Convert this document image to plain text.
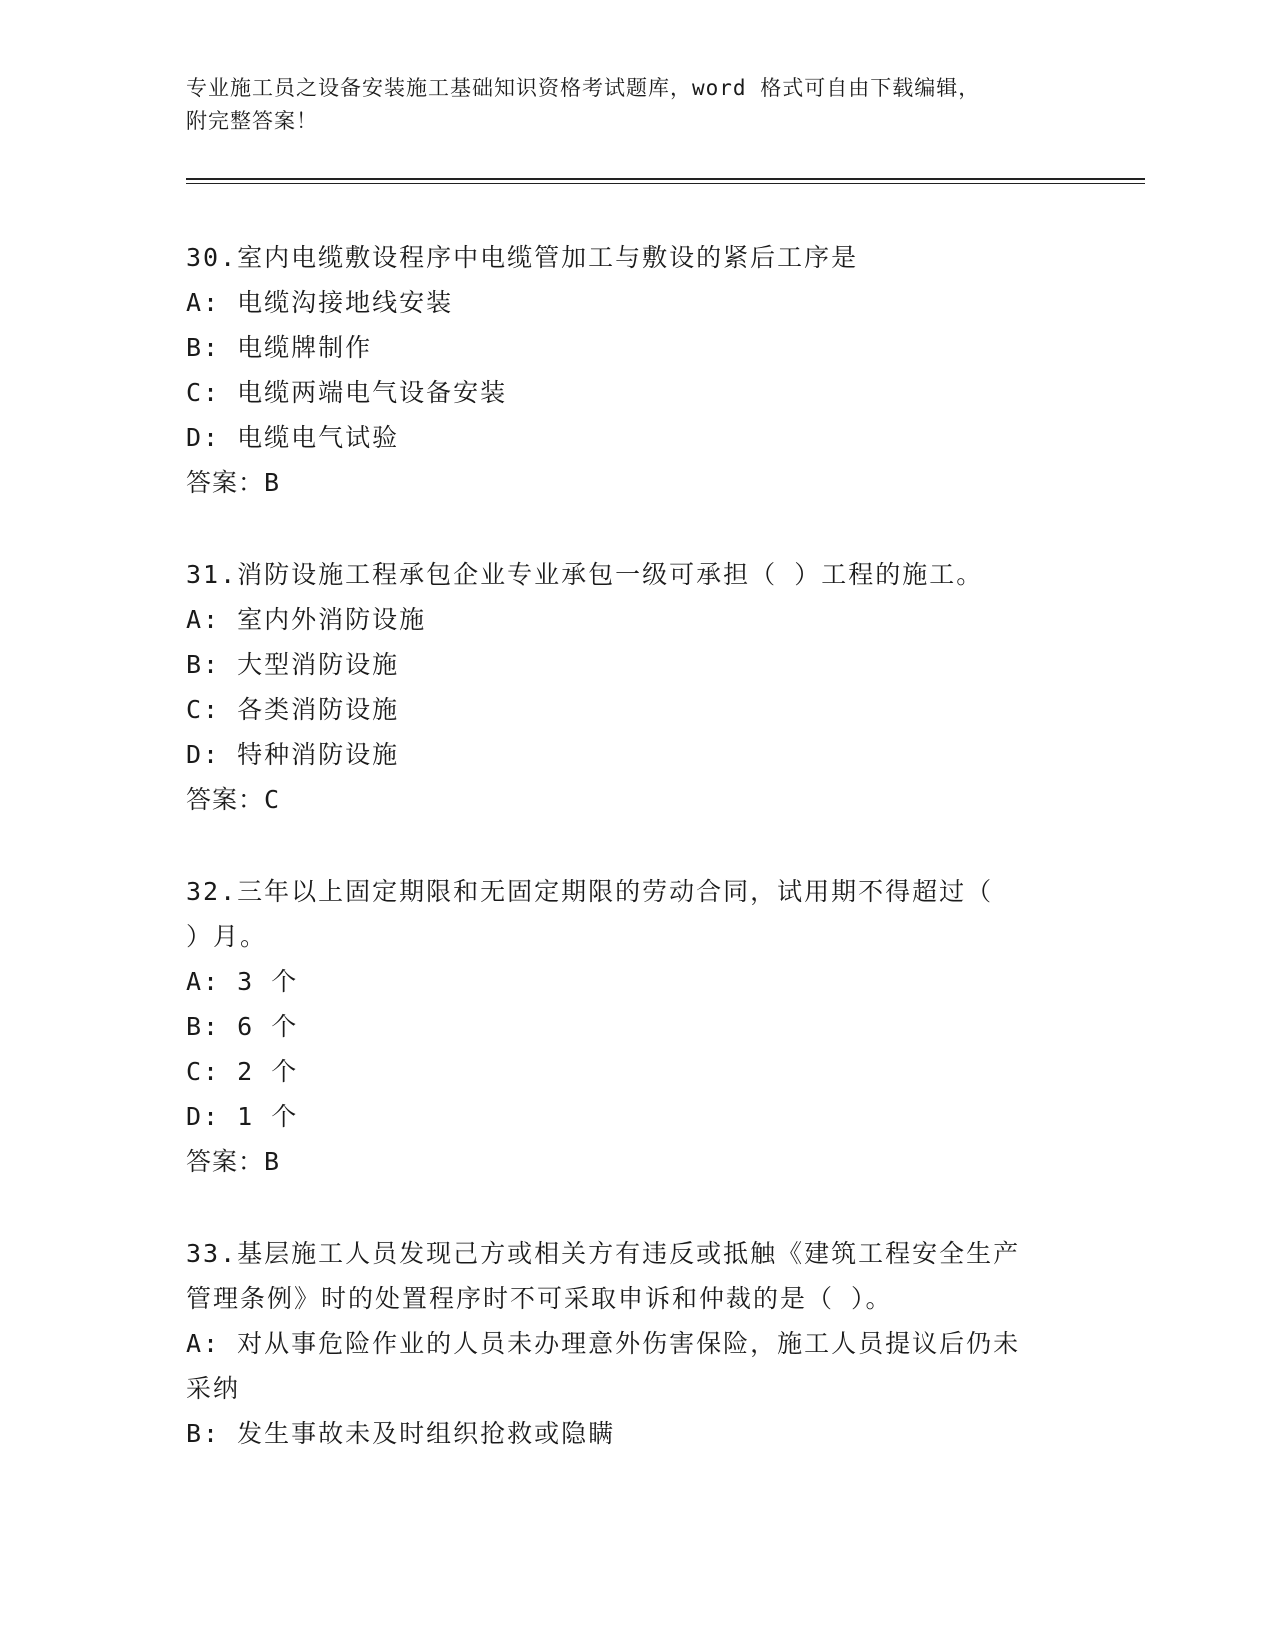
专业施工员之设备安装施工基础知识资格考试题库，word 格式可自由下载编辑，
附完整答案！
30.室内电缆敷设程序中电缆管加工与敷设的紧后工序是
A: 电缆沟接地线安装
B: 电缆牌制作
C: 电缆两端电气设备安装
D: 电缆电气试验
答案：B
31.消防设施工程承包企业专业承包一级可承担（ ）工程的施工。
A: 室内外消防设施
B: 大型消防设施
C: 各类消防设施
D: 特种消防设施
答案：C
32.三年以上固定期限和无固定期限的劳动合同，试用期不得超过（
）月。
A: 3 个
B: 6 个
C: 2 个
D: 1 个
答案：B
33.基层施工人员发现己方或相关方有违反或抵触《建筑工程安全生产
管理条例》时的处置程序时不可采取申诉和仲裁的是（ ）。
A: 对从事危险作业的人员未办理意外伤害保险，施工人员提议后仍未
采纳
B: 发生事故未及时组织抢救或隐瞒
